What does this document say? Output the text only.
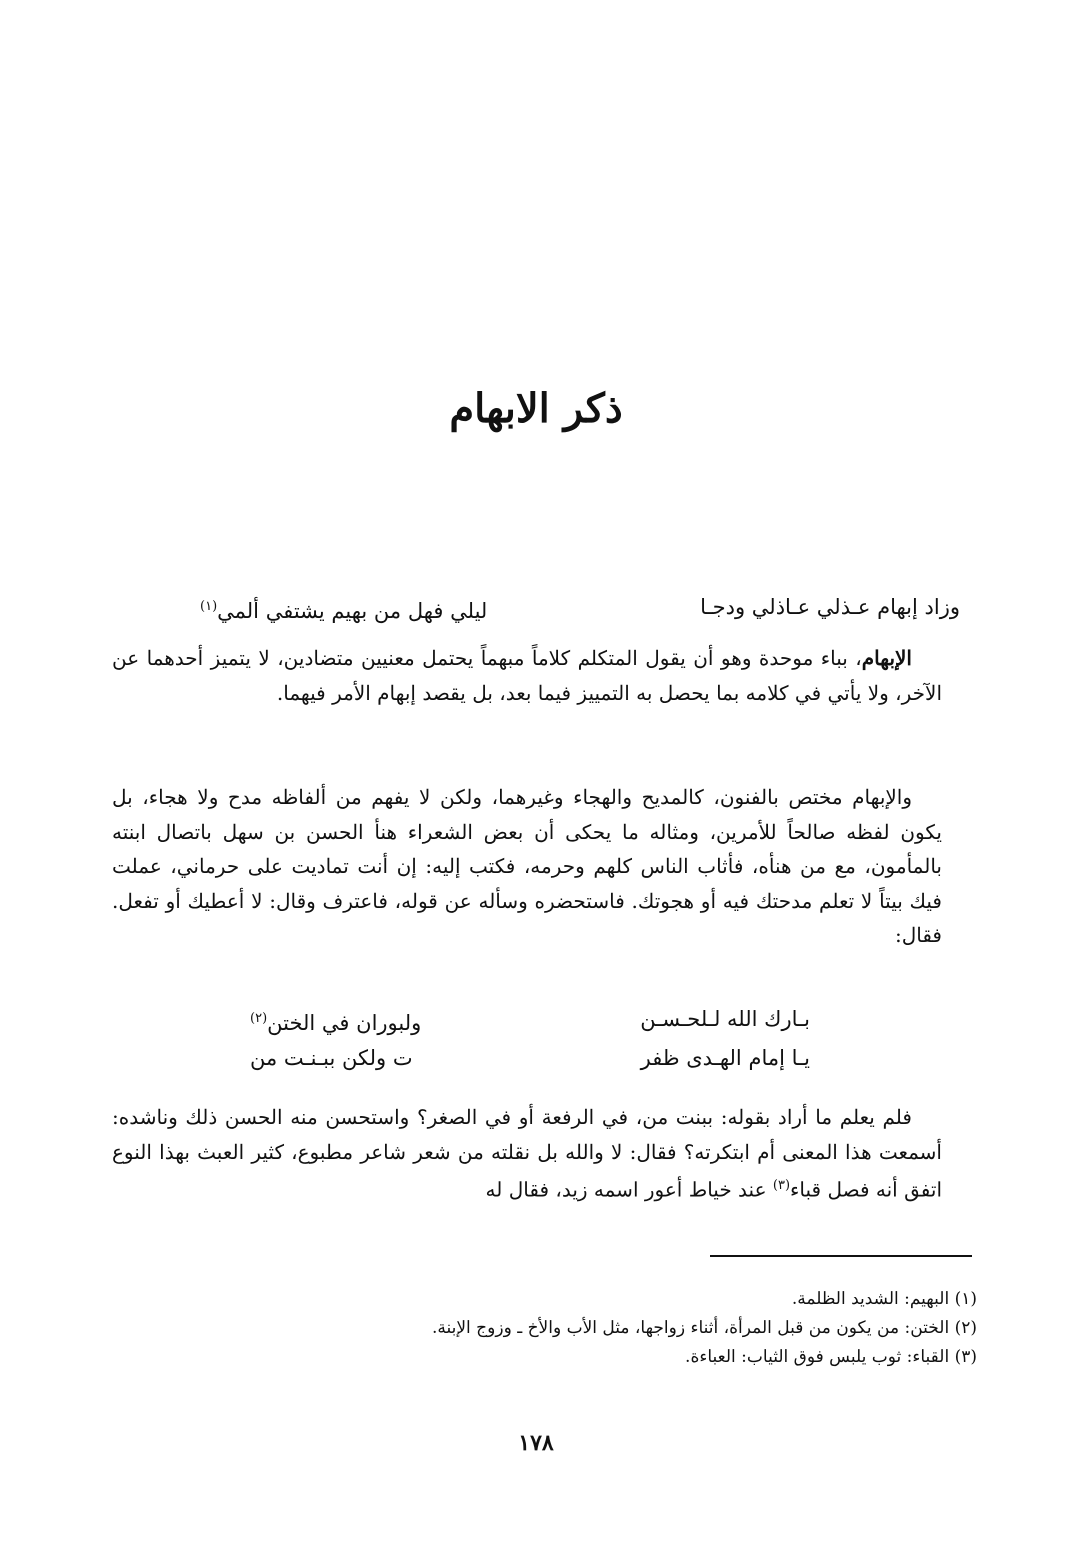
ذكر الابهام
وزاد إبهام عـذلي عـاذلي ودجـا
ليلي فهل من بهيم يشتفي ألمي$^{(١)}$

الإبهام، بباء موحدة وهو أن يقول المتكلم كلاماً مبهماً يحتمل معنيين متضادين، لا يتميز أحدهما عن الآخر، ولا يأتي في كلامه بما يحصل به التمييز فيما بعد، بل يقصد إبهام الأمر فيهما.

والإبهام مختص بالفنون، كالمديح والهجاء وغيرهما، ولكن لا يفهم من ألفاظه مدح ولا هجاء، بل يكون لفظه صالحاً للأمرين، ومثاله ما يحكى أن بعض الشعراء هنأ الحسن بن سهل باتصال ابنته بالمأمون، مع من هنأه، فأثاب الناس كلهم وحرمه، فكتب إليه: إن أنت تماديت على حرماني، عملت فيك بيتاً لا تعلم مدحتك فيه أو هجوتك. فاستحضره وسأله عن قوله، فاعترف وقال: لا أعطيك أو تفعل. فقال:

بـارك الله لـلحـسـن
ولبوران في الختن$^{(٢)}$
يـا إمام الهـدى ظفر
ت ولكن ببـنـت من

فلم يعلم ما أراد بقوله: ببنت من، في الرفعة أو في الصغر؟ واستحسن منه الحسن ذلك وناشده: أسمعت هذا المعنى أم ابتكرته؟ فقال: لا والله بل نقلته من شعر شاعر مطبوع، كثير العبث بهذا النوع اتفق أنه فصل قباء$^{(٣)}$ عند خياط أعور اسمه زيد، فقال له

(١) البهيم: الشديد الظلمة.

(٢) الختن: من يكون من قبل المرأة، أثناء زواجها، مثل الأب والأخ ـ وزوج الإبنة.

(٣) القباء: ثوب يلبس فوق الثياب: العباءة.

١٧٨
